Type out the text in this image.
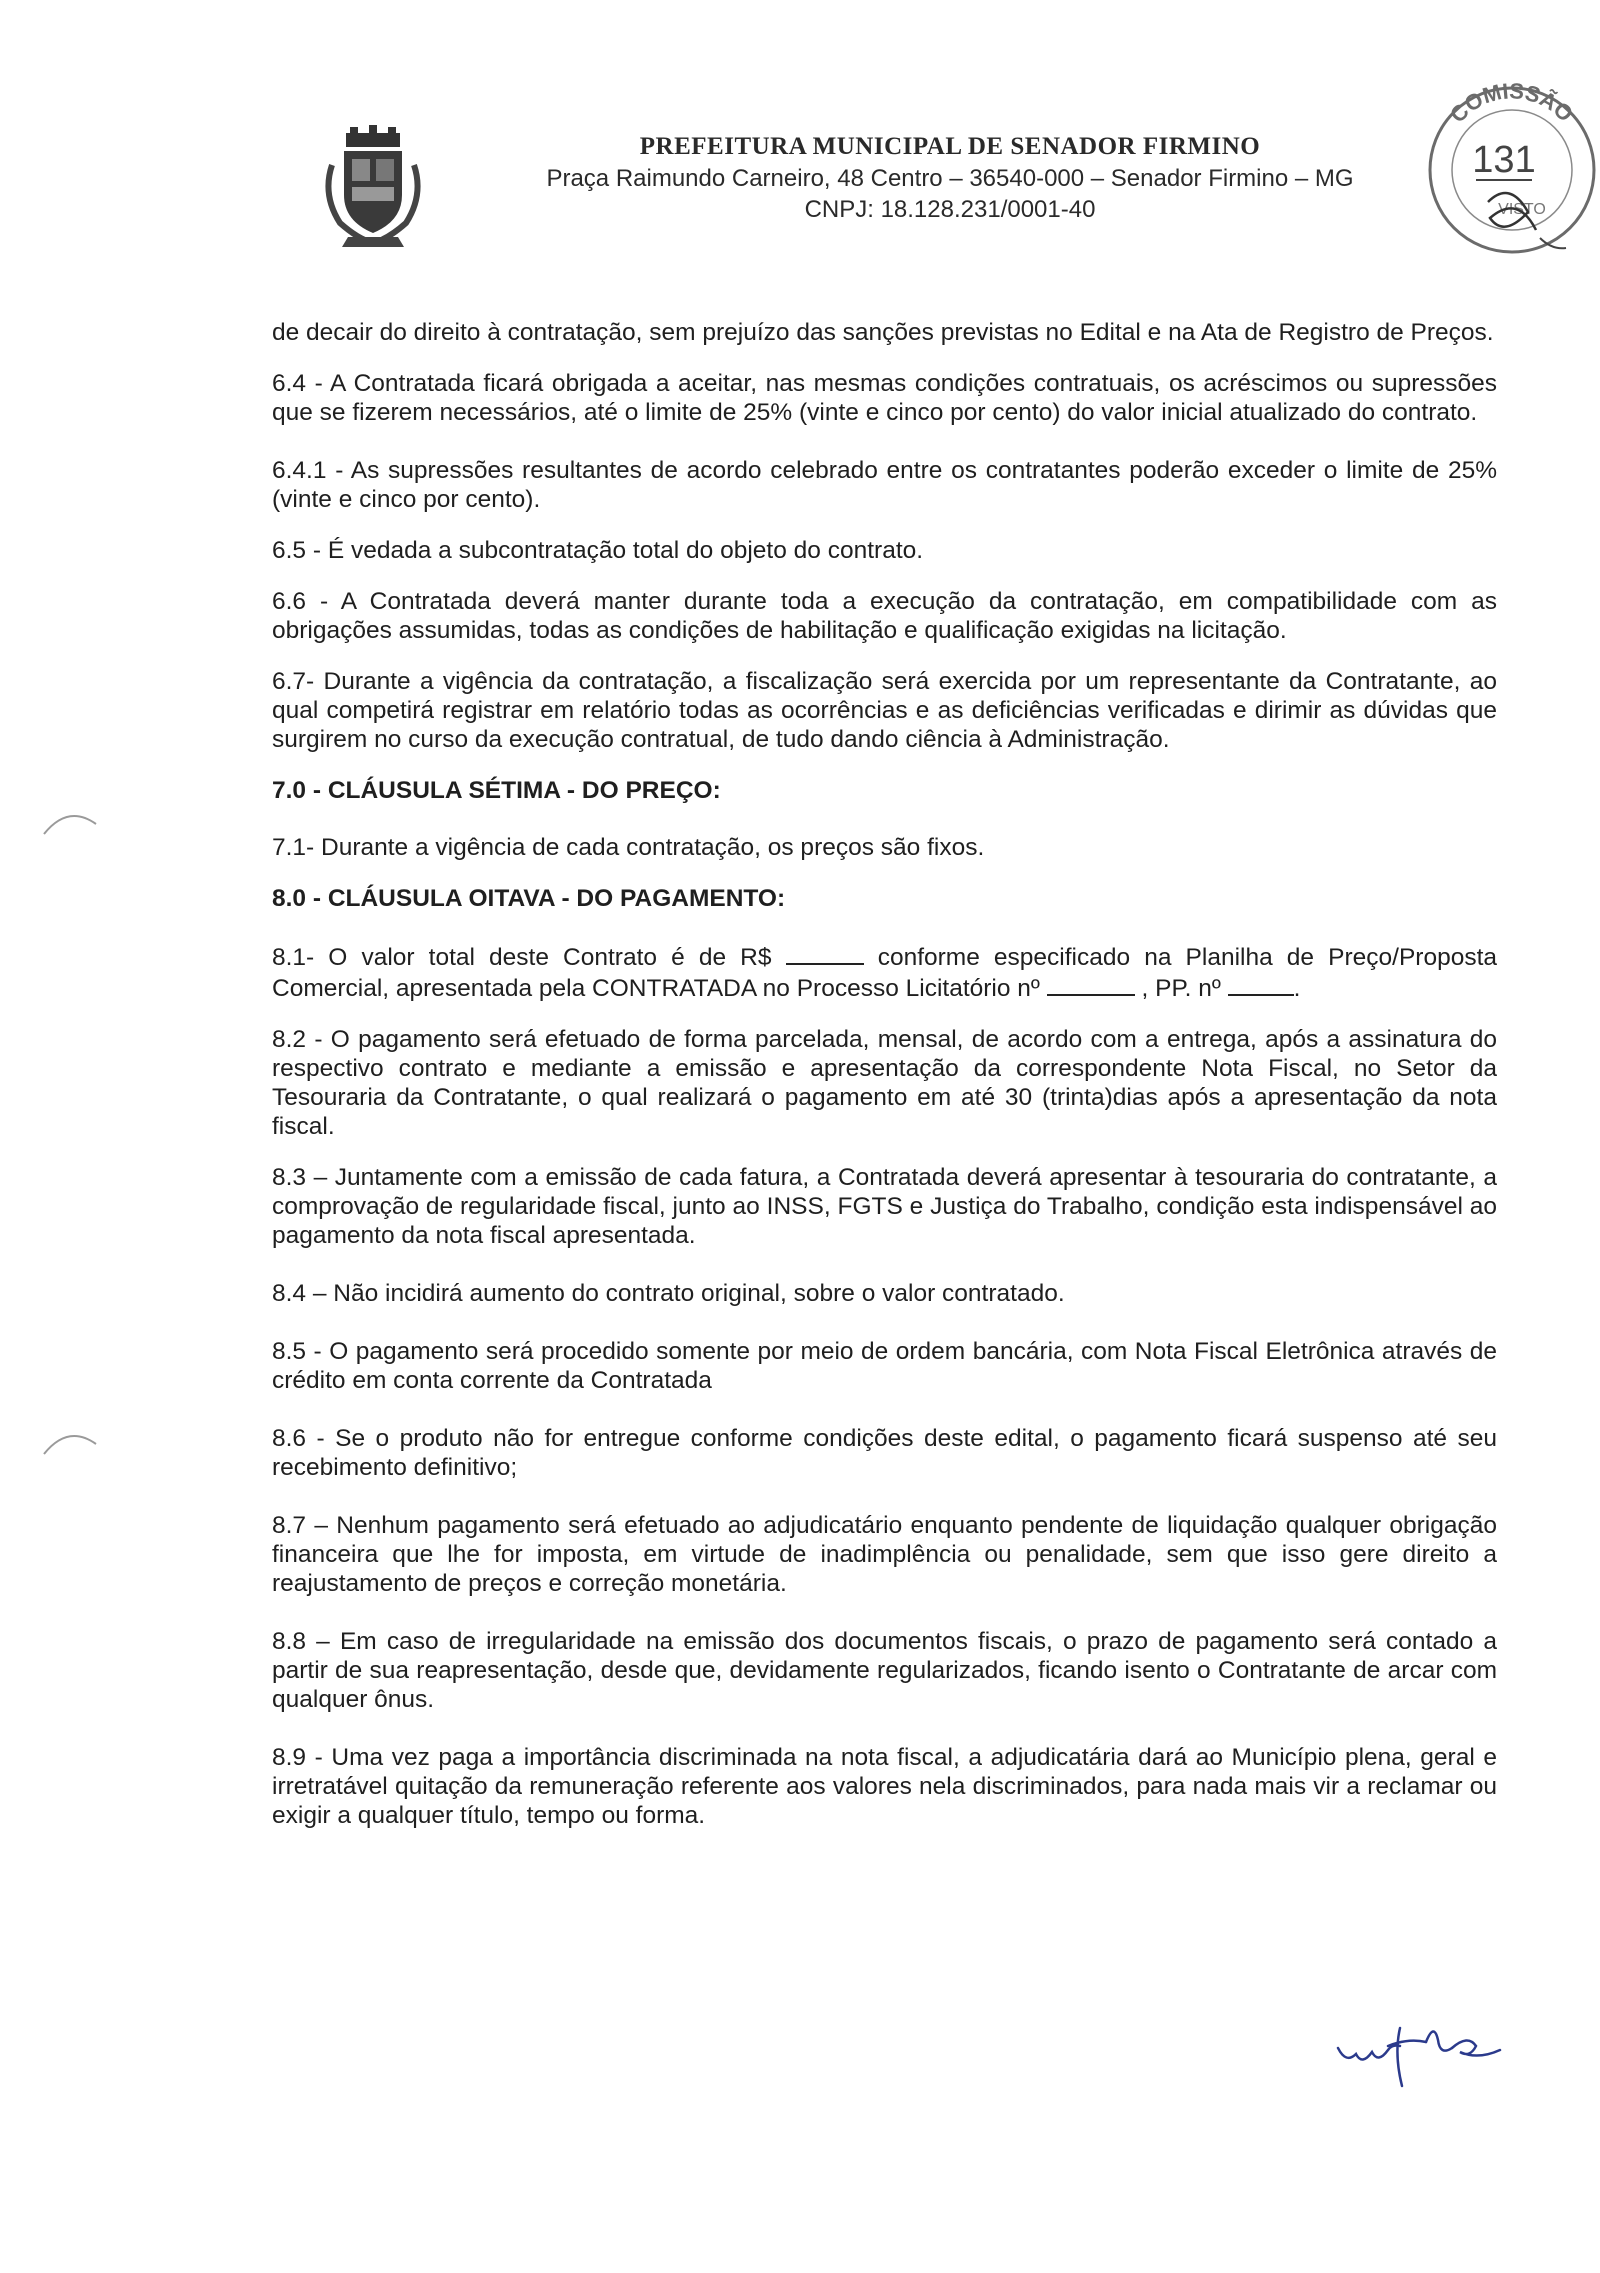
PREFEITURA MUNICIPAL DE SENADOR FIRMINO
Praça Raimundo Carneiro, 48 Centro – 36540-000 – Senador Firmino – MG
CNPJ: 18.128.231/0001-40
COMISSÃO
131
VISTO

de decair do direito à contratação, sem prejuízo das sanções previstas no Edital e na Ata de Registro de Preços.

6.4 - A Contratada ficará obrigada a aceitar, nas mesmas condições contratuais, os acréscimos ou supressões que se fizerem necessários, até o limite de 25% (vinte e cinco por cento) do valor inicial atualizado do contrato.

6.4.1 - As supressões resultantes de acordo celebrado entre os contratantes poderão exceder o limite de 25% (vinte e cinco por cento).

6.5 - É vedada a subcontratação total do objeto do contrato.

6.6 - A Contratada deverá manter durante toda a execução da contratação, em compatibilidade com as obrigações assumidas, todas as condições de habilitação e qualificação exigidas na licitação.

6.7- Durante a vigência da contratação, a fiscalização será exercida por um representante da Contratante, ao qual competirá registrar em relatório todas as ocorrências e as deficiências verificadas e dirimir as dúvidas que surgirem no curso da execução contratual, de tudo dando ciência à Administração.

7.0 - CLÁUSULA SÉTIMA - DO PREÇO:

7.1- Durante a vigência de cada contratação, os preços são fixos.

8.0 - CLÁUSULA OITAVA - DO PAGAMENTO:

8.1- O valor total deste Contrato é de R$	conforme especificado na Planilha de Preço/Proposta Comercial, apresentada pela CONTRATADA no Processo Licitatório nº	, PP. nº	.

8.2 - O pagamento será efetuado de forma parcelada, mensal, de acordo com a entrega, após a assinatura do respectivo contrato e mediante a emissão e apresentação da correspondente Nota Fiscal, no Setor da Tesouraria da Contratante, o qual realizará o pagamento em até 30 (trinta)dias após a apresentação da nota fiscal.

8.3 – Juntamente com a emissão de cada fatura, a Contratada deverá apresentar à tesouraria do contratante, a comprovação de regularidade fiscal, junto ao INSS, FGTS e Justiça do Trabalho, condição esta indispensável ao pagamento da nota fiscal apresentada.

8.4 – Não incidirá aumento do contrato original, sobre o valor contratado.

8.5 - O pagamento será procedido somente por meio de ordem bancária, com Nota Fiscal Eletrônica através de crédito em conta corrente da Contratada

8.6 - Se o produto não for entregue conforme condições deste edital, o pagamento ficará suspenso até seu recebimento definitivo;

8.7 – Nenhum pagamento será efetuado ao adjudicatário enquanto pendente de liquidação qualquer obrigação financeira que lhe for imposta, em virtude de inadimplência ou penalidade, sem que isso gere direito a reajustamento de preços e correção monetária.

8.8 – Em caso de irregularidade na emissão dos documentos fiscais, o prazo de pagamento será contado a partir de sua reapresentação, desde que, devidamente regularizados, ficando isento o Contratante de arcar com qualquer ônus.

8.9 - Uma vez paga a importância discriminada na nota fiscal, a adjudicatária dará ao Município plena, geral e irretratável quitação da remuneração referente aos valores nela discriminados, para nada mais vir a reclamar ou exigir a qualquer título, tempo ou forma.
